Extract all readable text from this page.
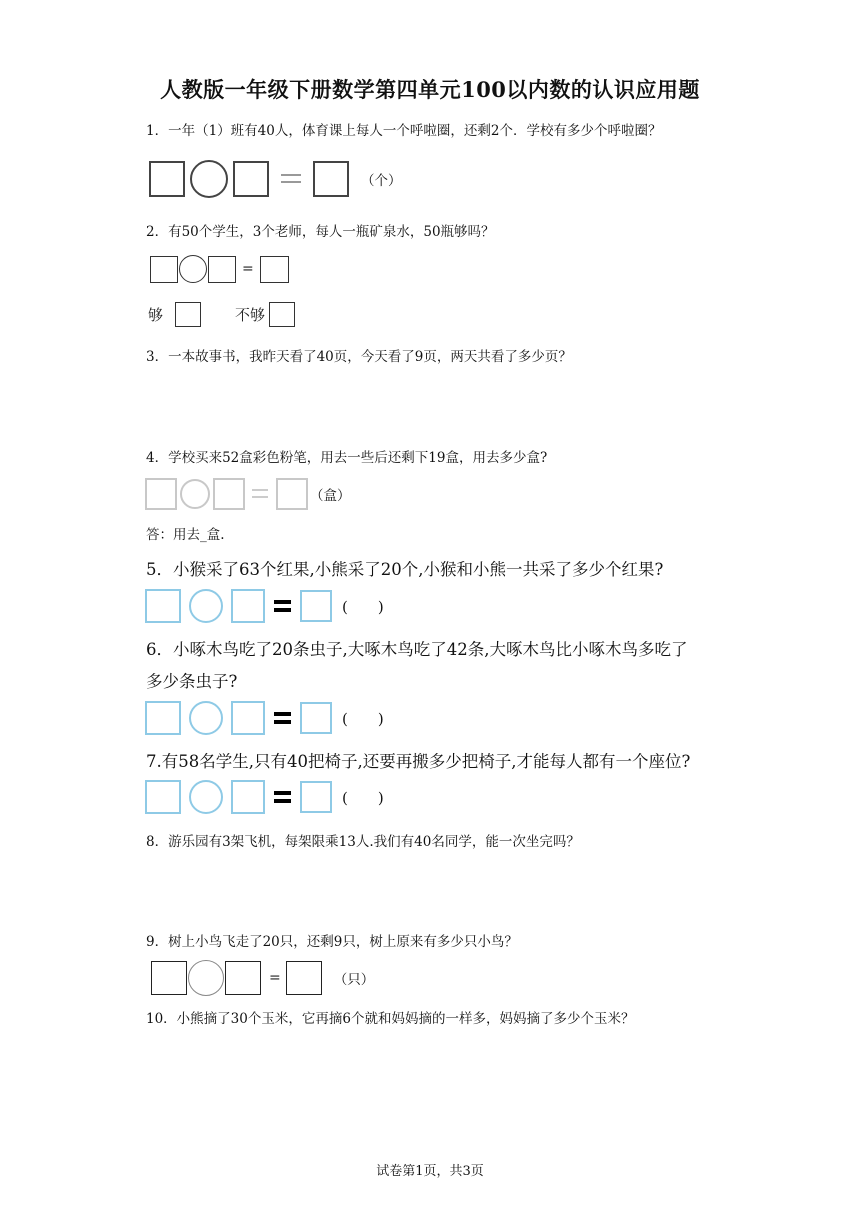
人教版一年级下册数学第四单元100以内数的认识应用题
1．一年（1）班有40人，体育课上每人一个呼啦圈，还剩2个．学校有多少个呼啦圈？
（个）
2．有50个学生，3个老师，每人一瓶矿泉水，50瓶够吗？
=
够	不够
3．一本故事书，我昨天看了40页，今天看了9页，两天共看了多少页？
4．学校买来52盒彩色粉笔，用去一些后还剩下19盒，用去多少盒?
（盒）
答：用去_盒.
5．小猴采了63个红果,小熊采了20个,小猴和小熊一共采了多少个红果?
(　　)
6．小啄木鸟吃了20条虫子,大啄木鸟吃了42条,大啄木鸟比小啄木鸟多吃了
多少条虫子?
(　　)
7.有58名学生,只有40把椅子,还要再搬多少把椅子,才能每人都有一个座位?
(　　)
8．游乐园有3架飞机，每架限乘13人.我们有40名同学，能一次坐完吗？
9．树上小鸟飞走了20只，还剩9只，树上原来有多少只小鸟？
=	（只）
10．小熊摘了30个玉米，它再摘6个就和妈妈摘的一样多，妈妈摘了多少个玉米？
试卷第1页，共3页
